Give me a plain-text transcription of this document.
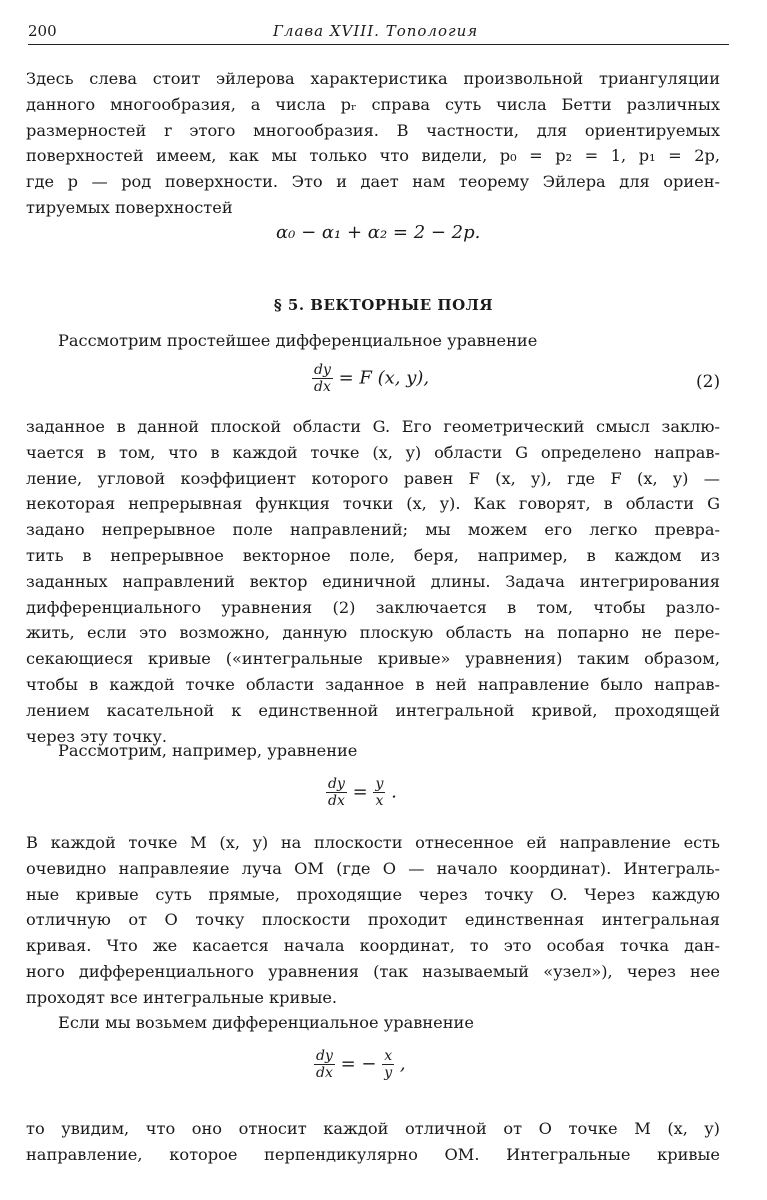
200	Глава XVIII. Топология
Здесь слева стоит эйлерова характеристика произвольной триангуляции
данного многообразия, а числа pᵣ справа суть числа Бетти различных
размерностей r этого многообразия. В частности, для ориентируемых
поверхностей имеем, как мы только что видели, p₀ = p₂ = 1, p₁ = 2p,
где p — род поверхности. Это и дает нам теорему Эйлера для ориен-
тируемых поверхностей
α₀ − α₁ + α₂ = 2 − 2p.
§ 5. ВЕКТОРНЫЕ ПОЛЯ
Рассмотрим простейшее дифференциальное уравнение
$\frac{dy}{dx} = F$ (x, y),	(2)
заданное в данной плоской области G. Его геометрический смысл заклю-
чается в том, что в каждой точке (x, y) области G определено направ-
ление, угловой коэффициент которого равен F (x, y), где F (x, y) —
некоторая непрерывная функция точки (x, y). Как говорят, в области G
задано непрерывное поле направлений; мы можем его легко превра-
тить в непрерывное векторное поле, беря, например, в каждом из
заданных направлений вектор единичной длины. Задача интегрирования
дифференциального уравнения (2) заключается в том, чтобы разло-
жить, если это возможно, данную плоскую область на попарно не пере-
секающиеся кривые («интегральные кривые» уравнения) таким образом,
чтобы в каждой точке области заданное в ней направление было направ-
лением касательной к единственной интегральной кривой, проходящей
через эту точку.
Рассмотрим, например, уравнение
$\frac{dy}{dx} = \frac{y}{x}$ .
В каждой точке M (x, y) на плоскости отнесенное ей направление есть
очевидно направлеяие луча OM (где O — начало координат). Интеграль-
ные кривые суть прямые, проходящие через точку O. Через каждую
отличную от O точку плоскости проходит единственная интегральная
кривая. Что же касается начала координат, то это особая точка дан-
ного дифференциального уравнения (так называемый «узел»), через нее
проходят все интегральные кривые.
Если мы возьмем дифференциальное уравнение
$\frac{dy}{dx}$ = − $\frac{x}{y}$ ,
то увидим, что оно относит каждой отличной от O точке M (x, y)
направление, которое перпендикулярно OM. Интегральные кривые
